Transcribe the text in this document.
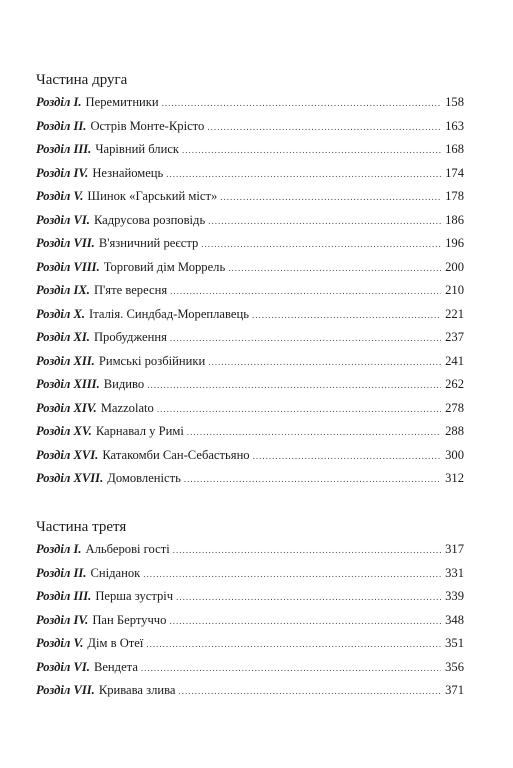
Частина друга
Розділ І. Перемитники .....	158
Розділ ІІ. Острів Монте-Крісто .....	163
Розділ ІІІ. Чарівний блиск .....	168
Розділ ІV. Незнайомець .....	174
Розділ V. Шинок «Гарський міст» .....	178
Розділ VІ. Кадрусова розповідь .....	186
Розділ VІІ. В'язничний реєстр .....	196
Розділ VІІІ. Торговий дім Моррель .....	200
Розділ ІХ. П'яте вересня .....	210
Розділ Х. Італія. Синдбад-Мореплавець .....	221
Розділ ХІ. Пробудження .....	237
Розділ ХІІ. Римські розбійники .....	241
Розділ ХІІІ. Видиво .....	262
Розділ ХІV. Mazzolato .....	278
Розділ ХV. Карнавал у Римі .....	288
Розділ ХVІ. Катакомби Сан-Себастьяно .....	300
Розділ ХVІІ. Домовленість .....	312
Частина третя
Розділ І. Альберові гості .....	317
Розділ ІІ. Сніданок .....	331
Розділ ІІІ. Перша зустріч .....	339
Розділ ІV. Пан Бертуччо .....	348
Розділ V. Дім в Отеї .....	351
Розділ VІ. Вендета .....	356
Розділ VІІ. Кривава злива .....	371
